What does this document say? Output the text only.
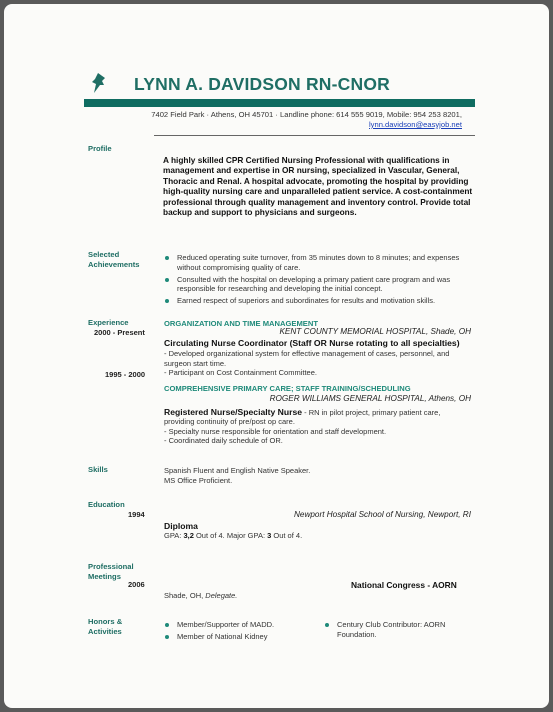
LYNN A. DAVIDSON RN-CNOR
7402 Field Park · Athens, OH 45701 · Landline phone: 614 555 9019, Mobile: 954 253 8201,
lynn.davidson@easyjob.net
Profile
A highly skilled CPR Certified Nursing Professional with qualifications in management and expertise in OR nursing, specialized in Vascular, General, Thoracic and Renal. A hospital advocate, promoting the hospital by providing high-quality nursing care and unparalleled patient service. A cost-containment professional through quality management and inventory control. Provide total backup and support to physicians and surgeons.
Selected
Achievements
Reduced operating suite turnover, from 35 minutes down to 8 minutes; and expenses without compromising quality of care.
Consulted with the hospital on developing a primary patient care program and was responsible for researching and developing the initial concept.
Earned respect of superiors and subordinates for results and motivation skills.
Experience
2000 - Present
ORGANIZATION AND TIME MANAGEMENT
KENT COUNTY MEMORIAL HOSPITAL, Shade, OH
Circulating Nurse Coordinator (Staff OR Nurse rotating to all specialties)
- Developed organizational system for effective management of cases, personnel, and surgeon start time.
- Participant on Cost Containment Committee.
COMPREHENSIVE PRIMARY CARE; STAFF TRAINING/SCHEDULING
1995 - 2000
ROGER WILLIAMS GENERAL HOSPITAL, Athens, OH
Registered Nurse/Specialty Nurse - RN in pilot project, primary patient care,
providing continuity of pre/post op care.
- Specialty nurse responsible for orientation and staff development.
- Coordinated daily schedule of OR.
Skills	Spanish Fluent and English Native Speaker.
MS Office Proficient.
Education
1994	Newport Hospital School of Nursing, Newport, RI
Diploma
GPA: 3,2 Out of 4. Major GPA: 3 Out of 4.
Professional
Meetings
2006	National Congress - AORN
Shade, OH, Delegate.
Honors &
Activities
Member/Supporter of MADD.
Member of National Kidney
Century Club Contributor: AORN Foundation.
